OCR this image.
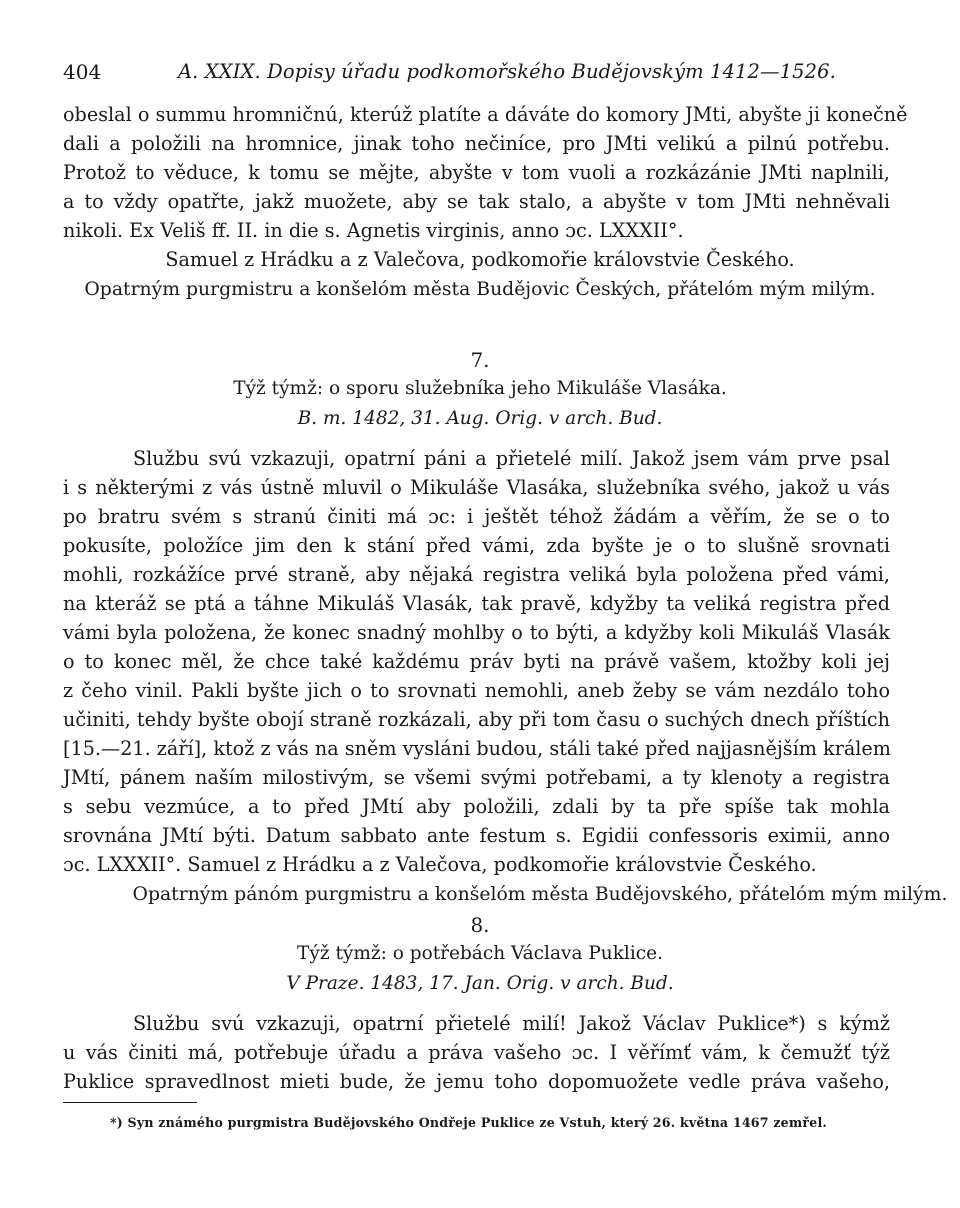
404	A. XXIX. Dopisy úřadu podkomořského Budějovským 1412—1526.
obeslal o summu hromničnú, kterúž platíte a dáváte do komory JMti, abyšte ji konečně
dali a položili na hromnice, jinak toho nečiníce, pro JMti velikú a pilnú potřebu.
Protož to věduce, k tomu se mějte, abyšte v tom vuoli a rozkázánie JMti naplnili,
a to vždy opatřte, jakž muožete, aby se tak stalo, a abyšte v tom JMti nehněvali
nikoli. Ex Veliš ff. II. in die s. Agnetis virginis, anno ɔc. LXXXII°.
Samuel z Hrádku a z Valečova, podkomořie královstvie Českého.
Opatrným purgmistru a konšelóm města Budějovic Českých, přátelóm mým milým.
7.
Týž týmž: o sporu služebníka jeho Mikuláše Vlasáka.
B. m. 1482, 31. Aug. Orig. v arch. Bud.
Službu svú vzkazuji, opatrní páni a přietelé milí. Jakož jsem vám prve psal
i s některými z vás ústně mluvil o Mikuláše Vlasáka, služebníka svého, jakož u vás
po bratru svém s stranú činiti má ɔc: i ještět téhož žádám a věřím, že se o to
pokusíte, položíce jim den k stání před vámi, zda byšte je o to slušně srovnati
mohli, rozkážíce prvé straně, aby nějaká registra veliká byla položena před vámi,
na kteráž se ptá a táhne Mikuláš Vlasák, tak pravě, kdyžby ta veliká registra před
vámi byla položena, že konec snadný mohlby o to býti, a kdyžby koli Mikuláš Vlasák
o to konec měl, že chce také každému práv byti na právě vašem, ktožby koli jej
z čeho vinil. Pakli byšte jich o to srovnati nemohli, aneb žeby se vám nezdálo toho
učiniti, tehdy byšte obojí straně rozkázali, aby při tom času o suchých dnech příštích
[15.—21. září], ktož z vás na sněm vysláni budou, stáli také před najjasnějším králem
JMtí, pánem naším milostivým, se všemi svými potřebami, a ty klenoty a registra
s sebu vezmúce, a to před JMtí aby položili, zdali by ta pře spíše tak mohla
srovnána JMtí býti. Datum sabbato ante festum s. Egidii confessoris eximii, anno
ɔc. LXXXII°. Samuel z Hrádku a z Valečova, podkomořie královstvie Českého.
Opatrným pánóm purgmistru a konšelóm města Budějovského, přátelóm mým milým.
8.
Týž týmž: o potřebách Václava Puklice.
V Praze. 1483, 17. Jan. Orig. v arch. Bud.
Službu svú vzkazuji, opatrní přietelé milí! Jakož Václav Puklice*) s kýmž
u vás činiti má, potřebuje úřadu a práva vašeho ɔc. I věřímť vám, k čemužť týž
Puklice spravedlnost mieti bude, že jemu toho dopomuožete vedle práva vašeho,
*) Syn známého purgmistra Budějovského Ondřeje Puklice ze Vstuh, který 26. května 1467 zemřel.
